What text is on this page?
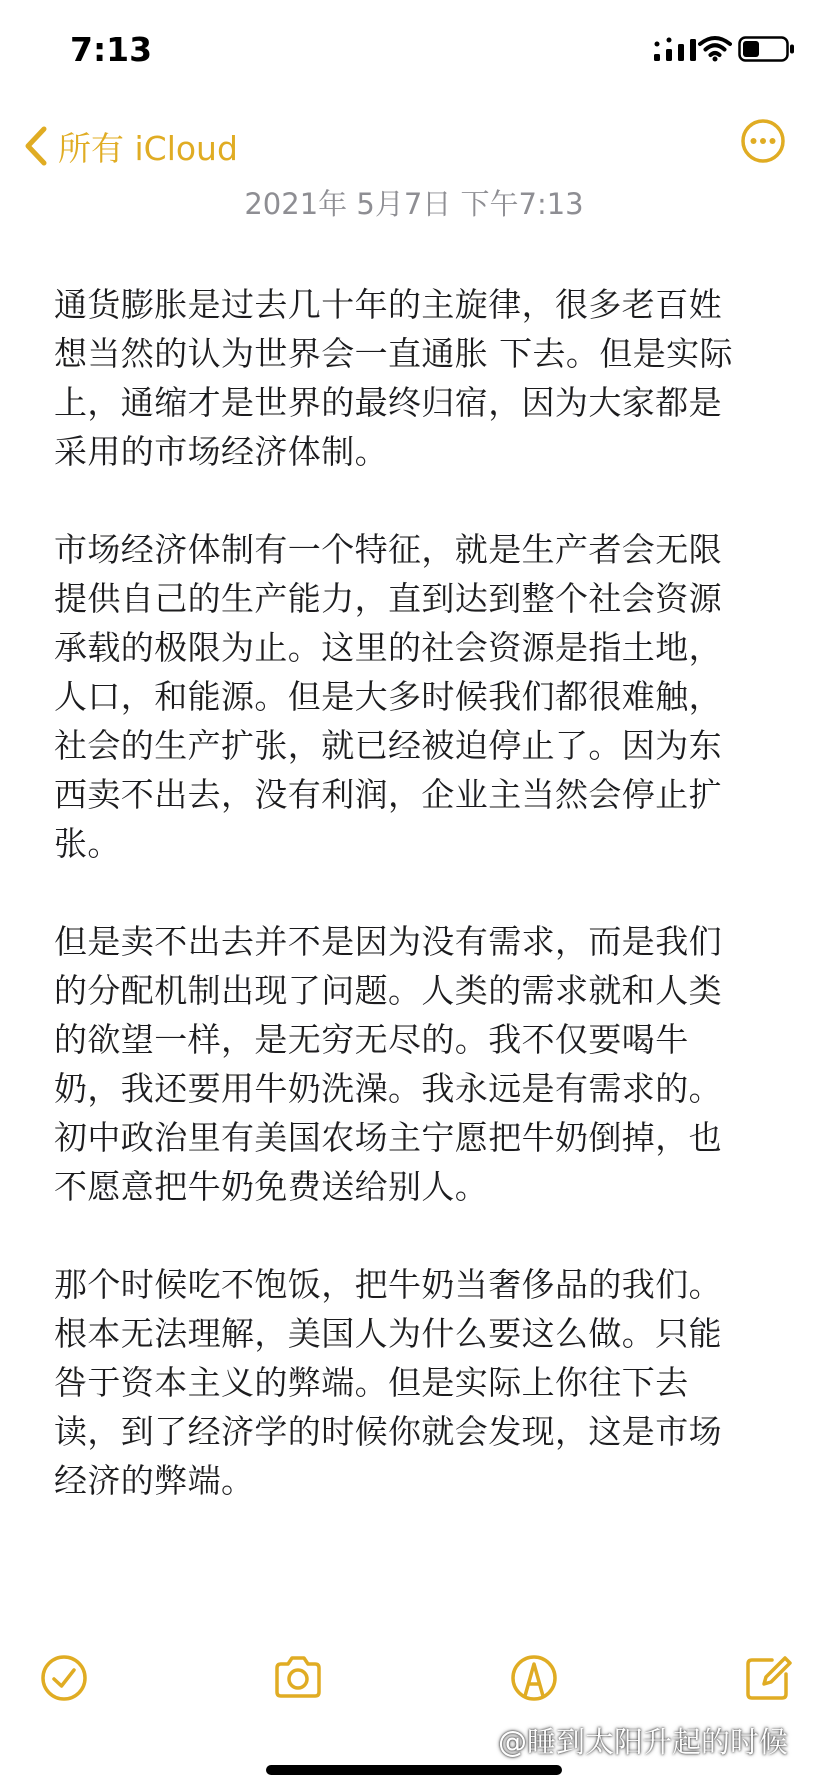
7:13
所有 iCloud
2021年 5月7日 下午7:13

通货膨胀是过去几十年的主旋律，很多老百姓想当然的认为世界会一直通胀 下去。但是实际上，通缩才是世界的最终归宿，因为大家都是采用的市场经济体制。

市场经济体制有一个特征，就是生产者会无限提供自己的生产能力，直到达到整个社会资源承载的极限为止。这里的社会资源是指土地，人口，和能源。但是大多时候我们都很难触，社会的生产扩张，就已经被迫停止了。因为东西卖不出去，没有利润，企业主当然会停止扩张。

但是卖不出去并不是因为没有需求，而是我们的分配机制出现了问题。人类的需求就和人类的欲望一样，是无穷无尽的。我不仅要喝牛奶，我还要用牛奶洗澡。我永远是有需求的。初中政治里有美国农场主宁愿把牛奶倒掉，也不愿意把牛奶免费送给别人。

那个时候吃不饱饭，把牛奶当奢侈品的我们。根本无法理解，美国人为什么要这么做。只能咎于资本主义的弊端。但是实际上你往下去读，到了经济学的时候你就会发现，这是市场经济的弊端。

@睡到太阳升起的时候
